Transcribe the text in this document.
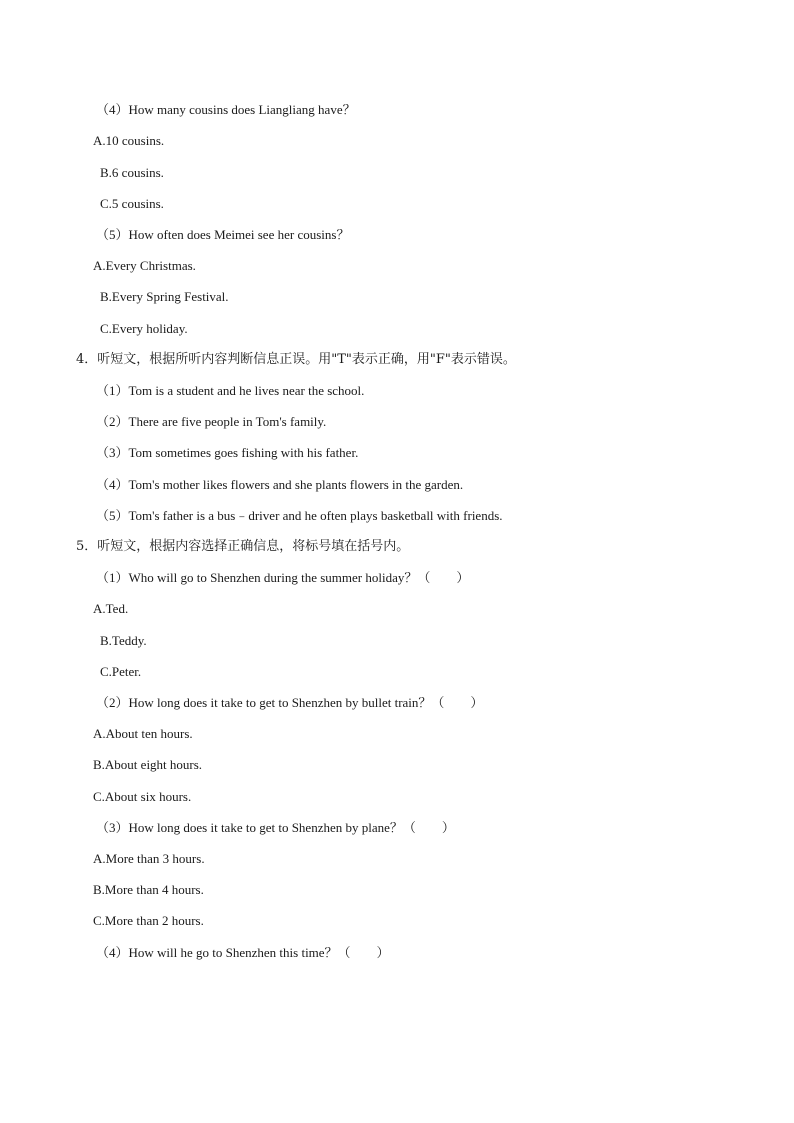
（4）How many cousins does Liangliang have？
A.10 cousins.
B.6 cousins.
C.5 cousins.
（5）How often does Meimei see her cousins？
A.Every Christmas.
B.Every Spring Festival.
C.Every holiday.
4．听短文，根据所听内容判断信息正误。用"T"表示正确，用"F"表示错误。
（1）Tom is a student and he lives near the school.
（2）There are five people in Tom's family.
（3）Tom sometimes goes fishing with his father.
（4）Tom's mother likes flowers and she plants flowers in the garden.
（5）Tom's father is a bus﹣driver and he often plays basketball with friends.
5．听短文，根据内容选择正确信息，将标号填在括号内。
（1）Who will go to Shenzhen during the summer holiday？（　　）
A.Ted.
B.Teddy.
C.Peter.
（2）How long does it take to get to Shenzhen by bullet train？（　　）
A.About ten hours.
B.About eight hours.
C.About six hours.
（3）How long does it take to get to Shenzhen by plane？（　　）
A.More than 3 hours.
B.More than 4 hours.
C.More than 2 hours.
（4）How will he go to Shenzhen this time？（　　）
